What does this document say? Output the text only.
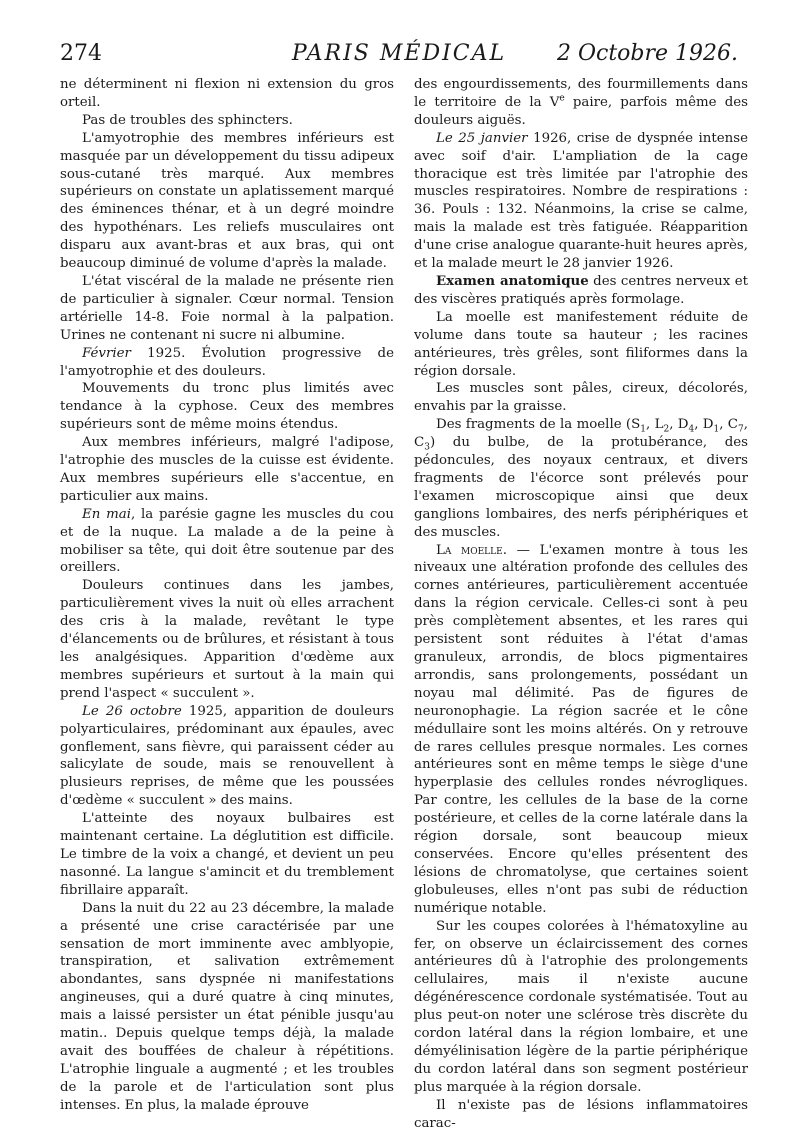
274	PARIS MÉDICAL	2 Octobre 1926.

ne déterminent ni flexion ni extension du gros orteil.

Pas de troubles des sphincters.

L'amyotrophie des membres inférieurs est masquée par un développement du tissu adipeux sous-cutané très marqué. Aux membres supérieurs on constate un aplatissement marqué des éminences thénar, et à un degré moindre des hypothénars. Les reliefs musculaires ont disparu aux avant-bras et aux bras, qui ont beaucoup diminué de volume d'après la malade.

L'état viscéral de la malade ne présente rien de particulier à signaler. Cœur normal. Tension artérielle 14-8. Foie normal à la palpation. Urines ne contenant ni sucre ni albumine.

Février 1925. Évolution progressive de l'amyotrophie et des douleurs.

Mouvements du tronc plus limités avec tendance à la cyphose. Ceux des membres supérieurs sont de même moins étendus.

Aux membres inférieurs, malgré l'adipose, l'atrophie des muscles de la cuisse est évidente. Aux membres supérieurs elle s'accentue, en particulier aux mains.

En mai, la parésie gagne les muscles du cou et de la nuque. La malade a de la peine à mobiliser sa tête, qui doit être soutenue par des oreillers.

Douleurs continues dans les jambes, particulièrement vives la nuit où elles arrachent des cris à la malade, revêtant le type d'élancements ou de brûlures, et résistant à tous les analgésiques. Apparition d'œdème aux membres supérieurs et surtout à la main qui prend l'aspect « succulent ».

Le 26 octobre 1925, apparition de douleurs polyarticulaires, prédominant aux épaules, avec gonflement, sans fièvre, qui paraissent céder au salicylate de soude, mais se renouvellent à plusieurs reprises, de même que les poussées d'œdème « succulent » des mains.

L'atteinte des noyaux bulbaires est maintenant certaine. La déglutition est difficile. Le timbre de la voix a changé, et devient un peu nasonné. La langue s'amincit et du tremblement fibrillaire apparaît.

Dans la nuit du 22 au 23 décembre, la malade a présenté une crise caractérisée par une sensation de mort imminente avec amblyopie, transpiration, et salivation extrêmement abondantes, sans dyspnée ni manifestations angineuses, qui a duré quatre à cinq minutes, mais a laissé persister un état pénible jusqu'au matin.. Depuis quelque temps déjà, la malade avait des bouffées de chaleur à répétitions. L'atrophie linguale a augmenté ; et les troubles de la parole et de l'articulation sont plus intenses. En plus, la malade éprouve

des engourdissements, des fourmillements dans le territoire de la Ve paire, parfois même des douleurs aiguës.

Le 25 janvier 1926, crise de dyspnée intense avec soif d'air. L'ampliation de la cage thoracique est très limitée par l'atrophie des muscles respiratoires. Nombre de respirations : 36. Pouls : 132. Néanmoins, la crise se calme, mais la malade est très fatiguée. Réapparition d'une crise analogue quarante-huit heures après, et la malade meurt le 28 janvier 1926.

Examen anatomique des centres nerveux et des viscères pratiqués après formolage.

La moelle est manifestement réduite de volume dans toute sa hauteur ; les racines antérieures, très grêles, sont filiformes dans la région dorsale.

Les muscles sont pâles, cireux, décolorés, envahis par la graisse.

Des fragments de la moelle ($S_1$, $L_2$, $D_4$, $D_1$, $C_7$, $C_3$) du bulbe, de la protubérance, des pédoncules, des noyaux centraux, et divers fragments de l'écorce sont prélevés pour l'examen microscopique ainsi que deux ganglions lombaires, des nerfs périphériques et des muscles.

La moelle. — L'examen montre à tous les niveaux une altération profonde des cellules des cornes antérieures, particulièrement accentuée dans la région cervicale. Celles-ci sont à peu près complètement absentes, et les rares qui persistent sont réduites à l'état d'amas granuleux, arrondis, de blocs pigmentaires arrondis, sans prolongements, possédant un noyau mal délimité. Pas de figures de neuronophagie. La région sacrée et le cône médullaire sont les moins altérés. On y retrouve de rares cellules presque normales. Les cornes antérieures sont en même temps le siège d'une hyperplasie des cellules rondes névrogliques. Par contre, les cellules de la base de la corne postérieure, et celles de la corne latérale dans la région dorsale, sont beaucoup mieux conservées. Encore qu'elles présentent des lésions de chromatolyse, que certaines soient globuleuses, elles n'ont pas subi de réduction numérique notable.

Sur les coupes colorées à l'hématoxyline au fer, on observe un éclaircissement des cornes antérieures dû à l'atrophie des prolongements cellulaires, mais il n'existe aucune dégénérescence cordonale systématisée. Tout au plus peut-on noter une sclérose très discrète du cordon latéral dans la région lombaire, et une démyélinisation légère de la partie périphérique du cordon latéral dans son segment postérieur plus marquée à la région dorsale.

Il n'existe pas de lésions inflammatoires carac-
